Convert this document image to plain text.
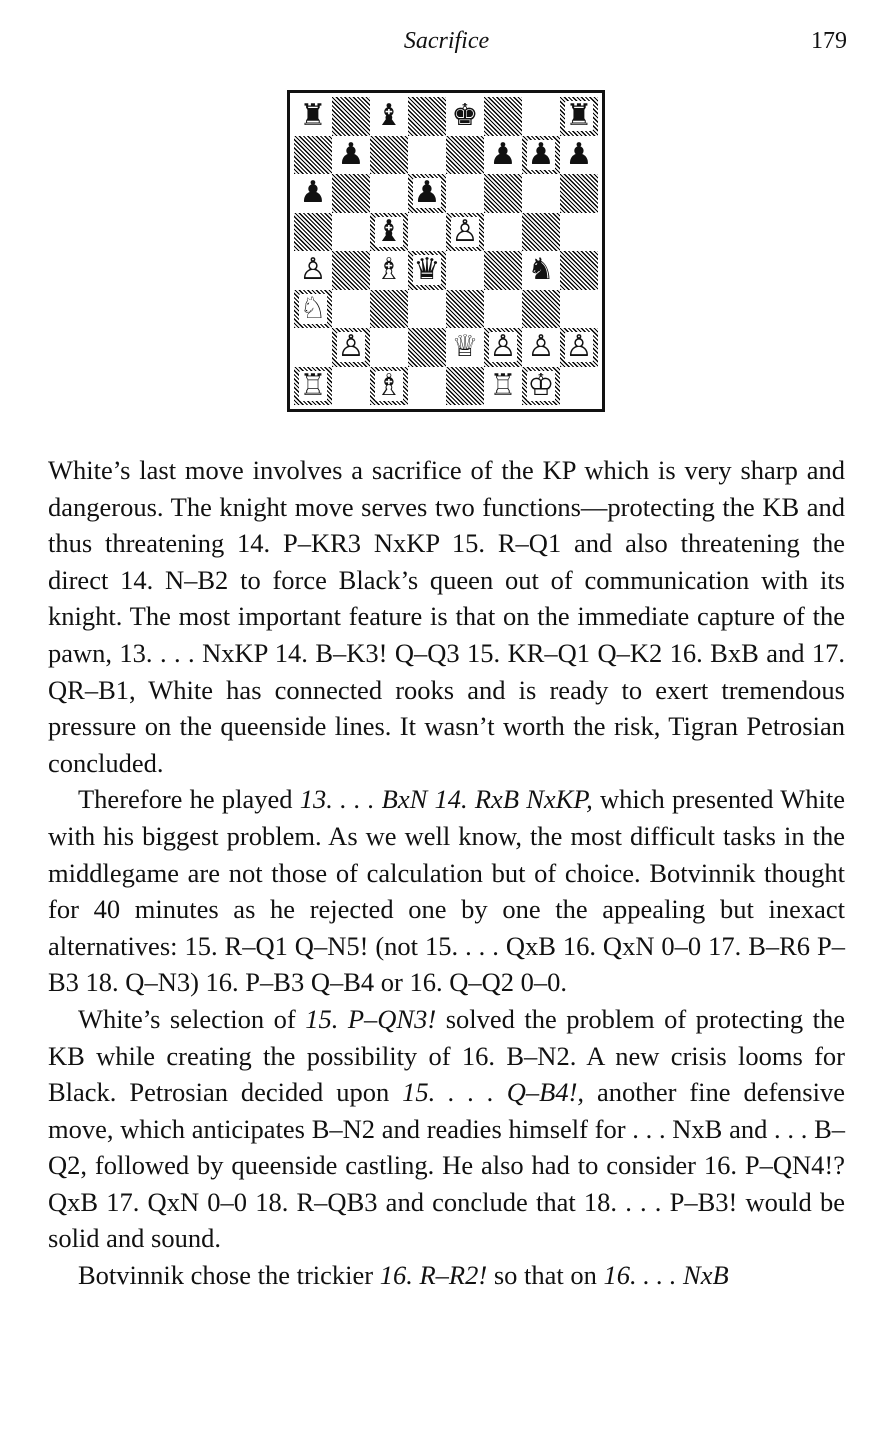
Sacrifice	179
♜ ♝ ♚	♜
♟	♟ ♟ ♟
♟	♟
♝ ♙
♙ ♗ ♛	♞
♘
♙	♕ ♙ ♙ ♙
♖ ♗	♖ ♔

White’s last move involves a sacrifice of the KP which is very sharp and dangerous. The knight move serves two functions—protecting the KB and thus threatening 14. P–KR3 NxKP 15. R–Q1 and also threatening the direct 14. N–B2 to force Black’s queen out of communication with its knight. The most important feature is that on the immediate capture of the pawn, 13. . . . NxKP 14. B–K3! Q–Q3 15. KR–Q1 Q–K2 16. BxB and 17. QR–B1, White has connected rooks and is ready to exert tremendous pressure on the queenside lines. It wasn’t worth the risk, Tigran Petrosian concluded.

Therefore he played 13. . . . BxN 14. RxB NxKP, which presented White with his biggest problem. As we well know, the most difficult tasks in the middlegame are not those of calculation but of choice. Botvinnik thought for 40 minutes as he rejected one by one the appealing but inexact alternatives: 15. R–Q1 Q–N5! (not 15. . . . QxB 16. QxN 0–0 17. B–R6 P–B3 18. Q–N3) 16. P–B3 Q–B4 or 16. Q–Q2 0–0.

White’s selection of 15. P–QN3! solved the problem of protecting the KB while creating the possibility of 16. B–N2. A new crisis looms for Black. Petrosian decided upon 15. . . . Q–B4!, another fine defensive move, which anticipates B–N2 and readies himself for . . . NxB and . . . B–Q2, followed by queenside castling. He also had to consider 16. P–QN4!? QxB 17. QxN 0–0 18. R–QB3 and conclude that 18. . . . P–B3! would be solid and sound.

Botvinnik chose the trickier 16. R–R2! so that on 16. . . . NxB
